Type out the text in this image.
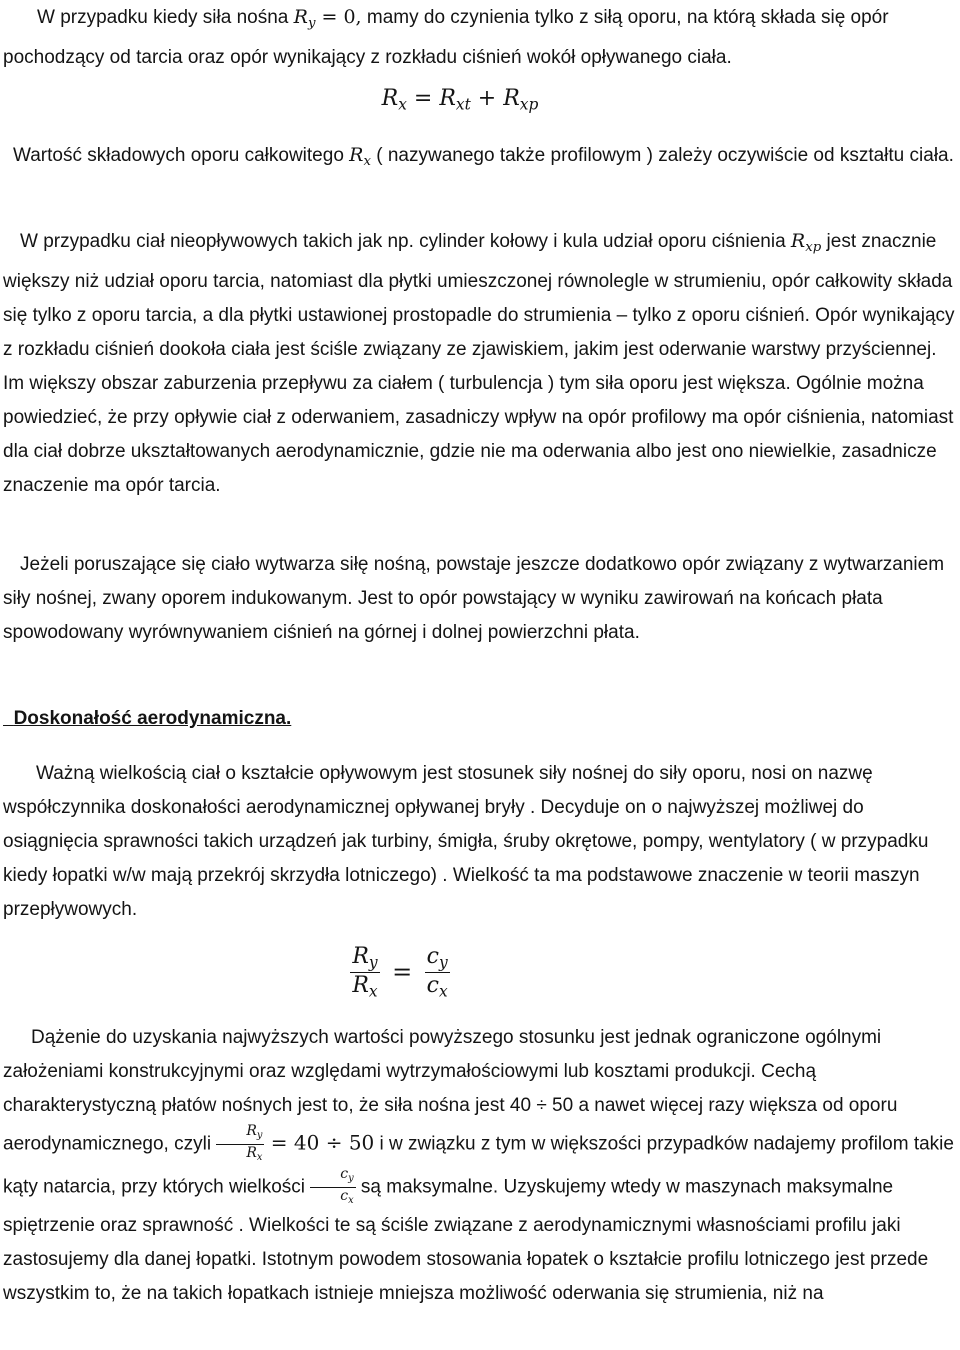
W przypadku kiedy siła nośna $R_y = 0$, mamy do czynienia tylko z siłą oporu, na którą składa się opór pochodzący od tarcia oraz opór wynikający z rozkładu ciśnień wokół opływanego ciała.

$R_x = R_{xt} + R_{xp}$

Wartość składowych oporu całkowitego $R_x$ ( nazywanego także profilowym ) zależy oczywiście od kształtu ciała.

W przypadku ciał nieopływowych takich jak np. cylinder kołowy i kula udział oporu ciśnienia $R_{xp}$ jest znacznie większy niż udział oporu tarcia, natomiast dla płytki umieszczonej równolegle w strumieniu, opór całkowity składa się tylko z oporu tarcia, a dla płytki ustawionej prostopadle do strumienia – tylko z oporu ciśnień. Opór wynikający z rozkładu ciśnień dookoła ciała jest ściśle związany ze zjawiskiem, jakim jest oderwanie warstwy przyściennej. Im większy obszar zaburzenia przepływu za ciałem ( turbulencja ) tym siła oporu jest większa. Ogólnie można powiedzieć, że przy opływie ciał z oderwaniem, zasadniczy wpływ na opór profilowy ma opór ciśnienia, natomiast dla ciał dobrze ukształtowanych aerodynamicznie, gdzie nie ma oderwania albo jest ono niewielkie, zasadnicze znaczenie ma opór tarcia.

Jeżeli poruszające się ciało wytwarza siłę nośną, powstaje jeszcze dodatkowo opór związany z wytwarzaniem siły nośnej, zwany oporem indukowanym. Jest to opór powstający w wyniku zawirowań na końcach płata spowodowany wyrównywaniem ciśnień na górnej i dolnej powierzchni płata.

Doskonałość aerodynamiczna.

Ważną wielkością ciał o kształcie opływowym jest stosunek siły nośnej do siły oporu, nosi on nazwę współczynnika doskonałości aerodynamicznej opływanej bryły . Decyduje on o najwyższej możliwej do osiągnięcia sprawności takich urządzeń jak turbiny, śmigła, śruby okrętowe, pompy, wentylatory ( w przypadku kiedy łopatki w/w mają przekrój skrzydła lotniczego) . Wielkość ta ma podstawowe znaczenie w teorii maszyn przepływowych.

$\frac{R_y}{R_x} = \frac{c_y}{c_x}$

Dążenie do uzyskania najwyższych wartości powyższego stosunku jest jednak ograniczone ogólnymi założeniami konstrukcyjnymi oraz względami wytrzymałościowymi lub kosztami produkcji. Cechą charakterystyczną płatów nośnych jest to, że siła nośna jest 40 ÷ 50 a nawet więcej razy większa od oporu aerodynamicznego, czyli $\frac{R_y}{R_x} = 40 \div 50$ i w związku z tym w większości przypadków nadajemy profilom takie kąty natarcia, przy których wielkości $\frac{c_y}{c_x}$ są maksymalne. Uzyskujemy wtedy w maszynach maksymalne spiętrzenie oraz sprawność . Wielkości te są ściśle związane z aerodynamicznymi własnościami profilu jaki zastosujemy dla danej łopatki. Istotnym powodem stosowania łopatek o kształcie profilu lotniczego jest przede wszystkim to, że na takich łopatkach istnieje mniejsza możliwość oderwania się strumienia, niż na
